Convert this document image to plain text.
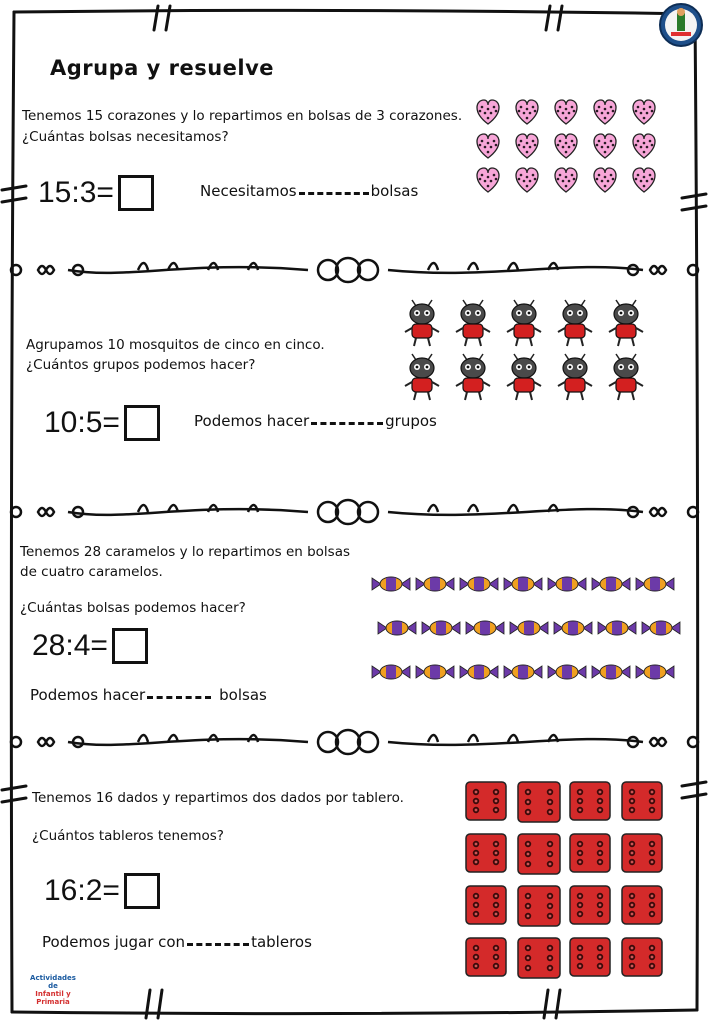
Agrupa y resuelve
Tenemos 15 corazones y lo repartimos en bolsas de 3 corazones.
¿Cuántas bolsas necesitamos?
15:3=	Necesitamos	bolsas
Agrupamos 10 mosquitos de cinco en cinco.
¿Cuántos grupos podemos hacer?
10:5=	Podemos hacer	grupos
Tenemos 28 caramelos y lo repartimos en bolsas
de cuatro caramelos.
¿Cuántas bolsas podemos hacer?
28:4=
Podemos hacer	bolsas
Tenemos 16 dados y repartimos dos dados por tablero.
¿Cuántos tableros tenemos?
16:2=
Podemos jugar con	tableros
Actividades
de
Infantil y Primaria
